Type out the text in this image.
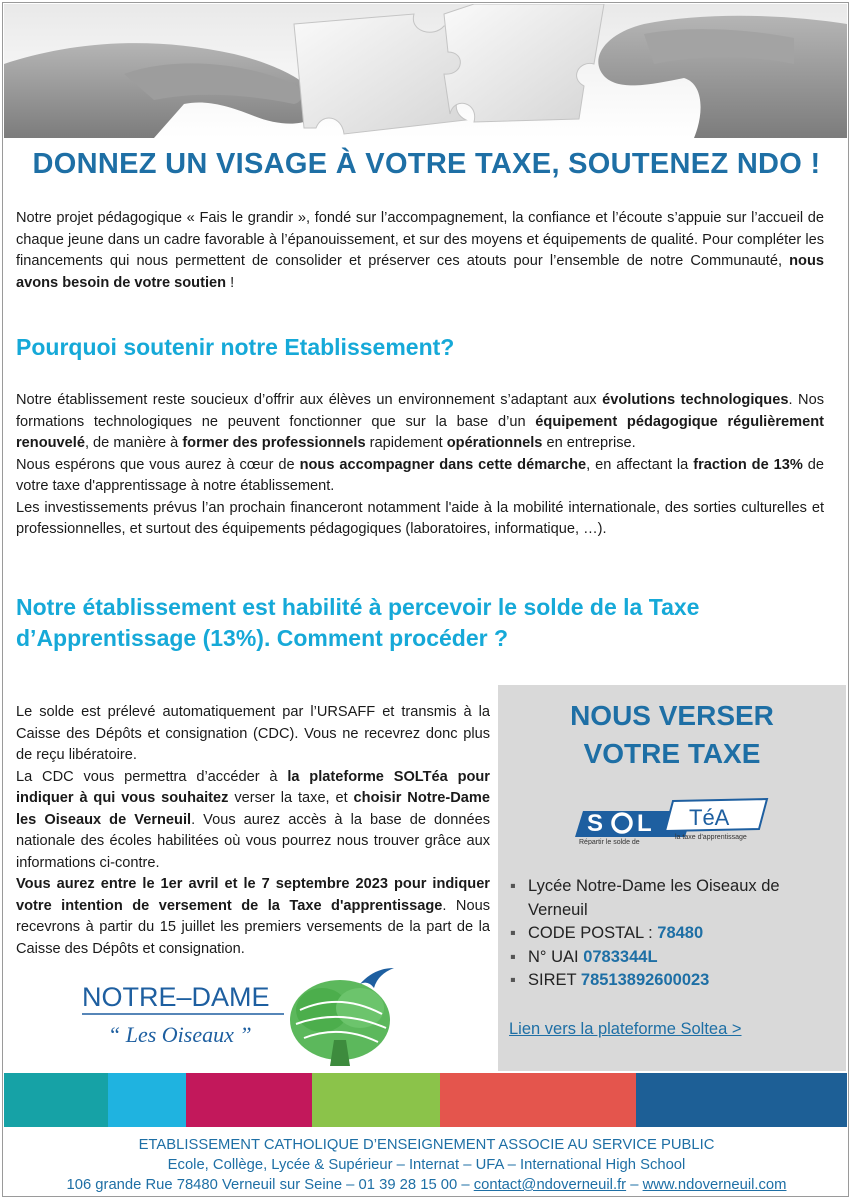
DONNEZ UN VISAGE À VOTRE TAXE, SOUTENEZ NDO !

Notre projet pédagogique « Fais le grandir », fondé sur l’accompagnement, la confiance et l’écoute s’appuie sur l’accueil de chaque jeune dans un cadre favorable à l’épanouissement, et sur des moyens et équipements de qualité. Pour compléter les financements qui nous permettent de consolider et préserver ces atouts pour l’ensemble de notre Communauté, nous avons besoin de votre soutien !

Pourquoi soutenir notre Etablissement?
Notre établissement reste soucieux d’offrir aux élèves un environnement s’adaptant aux évolutions technologiques. Nos formations technologiques ne peuvent fonctionner que sur la base d’un équipement pédagogique régulièrement renouvelé, de manière à former des professionnels rapidement opérationnels en entreprise.
Nous espérons que vous aurez à cœur de nous accompagner dans cette démarche, en affectant la fraction de 13% de votre taxe d'apprentissage à notre établissement.
Les investissements prévus l’an prochain financeront notamment l'aide à la mobilité internationale, des sorties culturelles et professionnelles, et surtout des équipements pédagogiques (laboratoires, informatique, …).
Notre établissement est habilité à percevoir le solde de la Taxe d’Apprentissage (13%). Comment procéder ?
Le solde est prélevé automatiquement par l’URSAFF et transmis à la Caisse des Dépôts et consignation (CDC). Vous ne recevrez donc plus de reçu libératoire.
La CDC vous permettra d’accéder à la plateforme SOLTéa pour indiquer à qui vous souhaitez verser la taxe, et choisir Notre-Dame les Oiseaux de Verneuil. Vous aurez accès à la base de données nationale des écoles habilitées où vous pourrez nous trouver grâce aux informations ci-contre.
Vous aurez entre le 1er avril et le 7 septembre 2023 pour indiquer votre intention de versement de la Taxe d'apprentissage. Nous recevrons à partir du 15 juillet les premiers versements de la part de la Caisse des Dépôts et consignation.
NOUS VERSER
VOTRE TAXE
S L TéA
Répartir le solde de
la taxe d'apprentissage
▪ Lycée Notre-Dame les Oiseaux de Verneuil
▪ CODE POSTAL : 78480
▪ N° UAI 0783344L
▪ SIRET 78513892600023
Lien vers la plateforme Soltea >
NOTRE–DAME
“ Les Oiseaux ”
ETABLISSEMENT CATHOLIQUE D’ENSEIGNEMENT ASSOCIE AU SERVICE PUBLIC
Ecole, Collège, Lycée & Supérieur – Internat – UFA – International High School
106 grande Rue 78480 Verneuil sur Seine – 01 39 28 15 00 – contact@ndoverneuil.fr – www.ndoverneuil.com
